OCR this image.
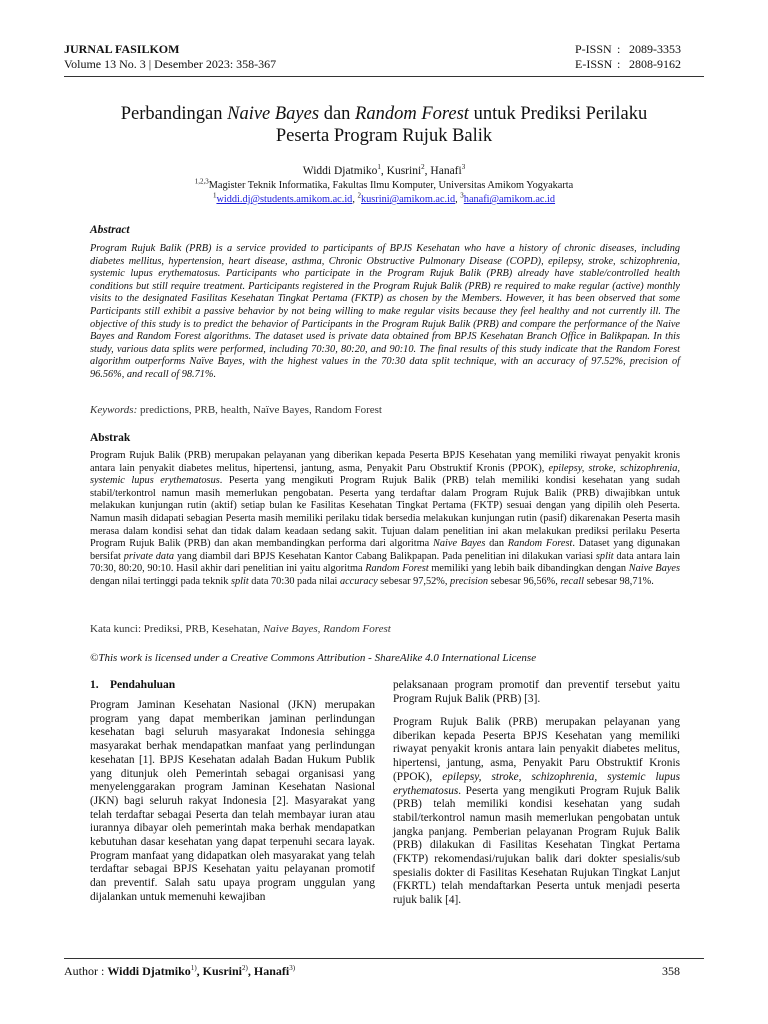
JURNAL FASILKOM
Volume 13 No. 3 | Desember 2023: 358-367
P-ISSN : 2089-3353
E-ISSN : 2808-9162
Perbandingan Naive Bayes dan Random Forest untuk Prediksi Perilaku
Peserta Program Rujuk Balik
Widdi Djatmiko$^1$, Kusrini$^2$, Hanafi$^3$
$^{1,2,3}$Magister Teknik Informatika, Fakultas Ilmu Komputer, Universitas Amikom Yogyakarta
$^1$widdi.dj@students.amikom.ac.id, $^2$kusrini@amikom.ac.id, $^3$hanafi@amikom.ac.id
Abstract
Program Rujuk Balik (PRB) is a service provided to participants of BPJS Kesehatan who have a history of chronic diseases, including diabetes mellitus, hypertension, heart disease, asthma, Chronic Obstructive Pulmonary Disease (COPD), epilepsy, stroke, schizophrenia, systemic lupus erythematosus. Participants who participate in the Program Rujuk Balik (PRB) already have stable/controlled health conditions but still require treatment. Participants registered in the Program Rujuk Balik (PRB) re required to make regular (active) monthly visits to the designated Fasilitas Kesehatan Tingkat Pertama (FKTP) as chosen by the Members. However, it has been observed that some Participants still exhibit a passive behavior by not being willing to make regular visits because they feel healthy and not currently ill. The objective of this study is to predict the behavior of Participants in the Program Rujuk Balik (PRB) and compare the performance of the Naive Bayes and Random Forest algorithms. The dataset used is private data obtained from BPJS Kesehatan Branch Office in Balikpapan. In this study, various data splits were performed, including 70:30, 80:20, and 90:10. The final results of this study indicate that the Random Forest algorithm outperforms Naïve Bayes, with the highest values in the 70:30 data split technique, with an accuracy of 97.52%, precision of 96.56%, and recall of 98.71%.
Keywords: predictions, PRB, health, Naïve Bayes, Random Forest
Abstrak
Program Rujuk Balik (PRB) merupakan pelayanan yang diberikan kepada Peserta BPJS Kesehatan yang memiliki riwayat penyakit kronis antara lain penyakit diabetes melitus, hipertensi, jantung, asma, Penyakit Paru Obstruktif Kronis (PPOK), epilepsy, stroke, schizophrenia, systemic lupus erythematosus. Peserta yang mengikuti Program Rujuk Balik (PRB) telah memiliki kondisi kesehatan yang sudah stabil/terkontrol namun masih memerlukan pengobatan. Peserta yang terdaftar dalam Program Rujuk Balik (PRB) diwajibkan untuk melakukan kunjungan rutin (aktif) setiap bulan ke Fasilitas Kesehatan Tingkat Pertama (FKTP) sesuai dengan yang dipilih oleh Peserta. Namun masih didapati sebagian Peserta masih memiliki perilaku tidak bersedia melakukan kunjungan rutin (pasif) dikarenakan Peserta masih merasa dalam kondisi sehat dan tidak dalam keadaan sedang sakit. Tujuan dalam penelitian ini akan melakukan prediksi perilaku Peserta Program Rujuk Balik (PRB) dan akan membandingkan performa dari algoritma Naive Bayes dan Random Forest. Dataset yang digunakan bersifat private data yang diambil dari BPJS Kesehatan Kantor Cabang Balikpapan. Pada penelitian ini dilakukan variasi split data antara lain 70:30, 80:20, 90:10. Hasil akhir dari penelitian ini yaitu algoritma Random Forest memiliki yang lebih baik dibandingkan dengan Naive Bayes dengan nilai tertinggi pada teknik split data 70:30 pada nilai accuracy sebesar 97,52%, precision sebesar 96,56%, recall sebesar 98,71%.
Kata kunci: Prediksi, PRB, Kesehatan, Naive Bayes, Random Forest
©This work is licensed under a Creative Commons Attribution - ShareAlike 4.0 International License
1. Pendahuluan
Program Jaminan Kesehatan Nasional (JKN) merupakan program yang dapat memberikan jaminan perlindungan kesehatan bagi seluruh masyarakat Indonesia sehingga masyarakat berhak mendapatkan manfaat yang perlindungan kesehatan [1]. BPJS Kesehatan adalah Badan Hukum Publik yang ditunjuk oleh Pemerintah sebagai organisasi yang menyelenggarakan program Jaminan Kesehatan Nasional (JKN) bagi seluruh rakyat Indonesia [2]. Masyarakat yang telah terdaftar sebagai Peserta dan telah membayar iuran atau iurannya dibayar oleh pemerintah maka berhak mendapatkan kebutuhan dasar kesehatan yang dapat terpenuhi secara layak. Program manfaat yang didapatkan oleh masyarakat yang telah terdaftar sebagai BPJS Kesehatan yaitu pelayanan promotif dan preventif. Salah satu upaya program unggulan yang dijalankan untuk memenuhi kewajiban
pelaksanaan program promotif dan preventif tersebut yaitu Program Rujuk Balik (PRB) [3].
Program Rujuk Balik (PRB) merupakan pelayanan yang diberikan kepada Peserta BPJS Kesehatan yang memiliki riwayat penyakit kronis antara lain penyakit diabetes melitus, hipertensi, jantung, asma, Penyakit Paru Obstruktif Kronis (PPOK), epilepsy, stroke, schizophrenia, systemic lupus erythematosus. Peserta yang mengikuti Program Rujuk Balik (PRB) telah memiliki kondisi kesehatan yang sudah stabil/terkontrol namun masih memerlukan pengobatan untuk jangka panjang. Pemberian pelayanan Program Rujuk Balik (PRB) dilakukan di Fasilitas Kesehatan Tingkat Pertama (FKTP) rekomendasi/rujukan balik dari dokter spesialis/sub spesialis dokter di Fasilitas Kesehatan Rujukan Tingkat Lanjut (FKRTL) telah mendaftarkan Peserta untuk menjadi peserta rujuk balik [4].
Author : Widdi Djatmiko$^{1)}$, Kusrini$^{2)}$, Hanafi$^{3)}$	358
